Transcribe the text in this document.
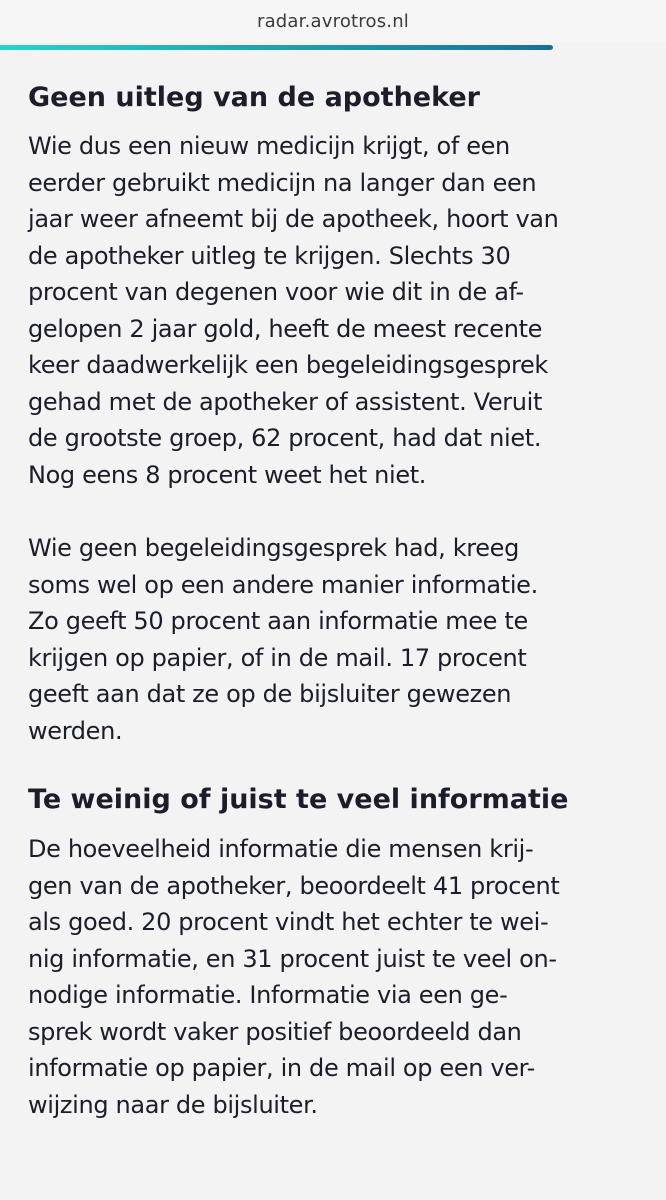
radar.avrotros.nl
Geen uitleg van de apotheker

Wie dus een nieuw medicijn krijgt, of een
eerder gebruikt medicijn na langer dan een
jaar weer afneemt bij de apotheek, hoort van
de apotheker uitleg te krijgen. Slechts 30
procent van degenen voor wie dit in de af-
gelopen 2 jaar gold, heeft de meest recente
keer daadwerkelijk een begeleidingsgesprek
gehad met de apotheker of assistent. Veruit
de grootste groep, 62 procent, had dat niet.
Nog eens 8 procent weet het niet.

Wie geen begeleidingsgesprek had, kreeg
soms wel op een andere manier informatie.
Zo geeft 50 procent aan informatie mee te
krijgen op papier, of in de mail. 17 procent
geeft aan dat ze op de bijsluiter gewezen
werden.

Te weinig of juist te veel informatie

De hoeveelheid informatie die mensen krij-
gen van de apotheker, beoordeelt 41 procent
als goed. 20 procent vindt het echter te wei-
nig informatie, en 31 procent juist te veel on-
nodige informatie. Informatie via een ge-
sprek wordt vaker positief beoordeeld dan
informatie op papier, in de mail op een ver-
wijzing naar de bijsluiter.
